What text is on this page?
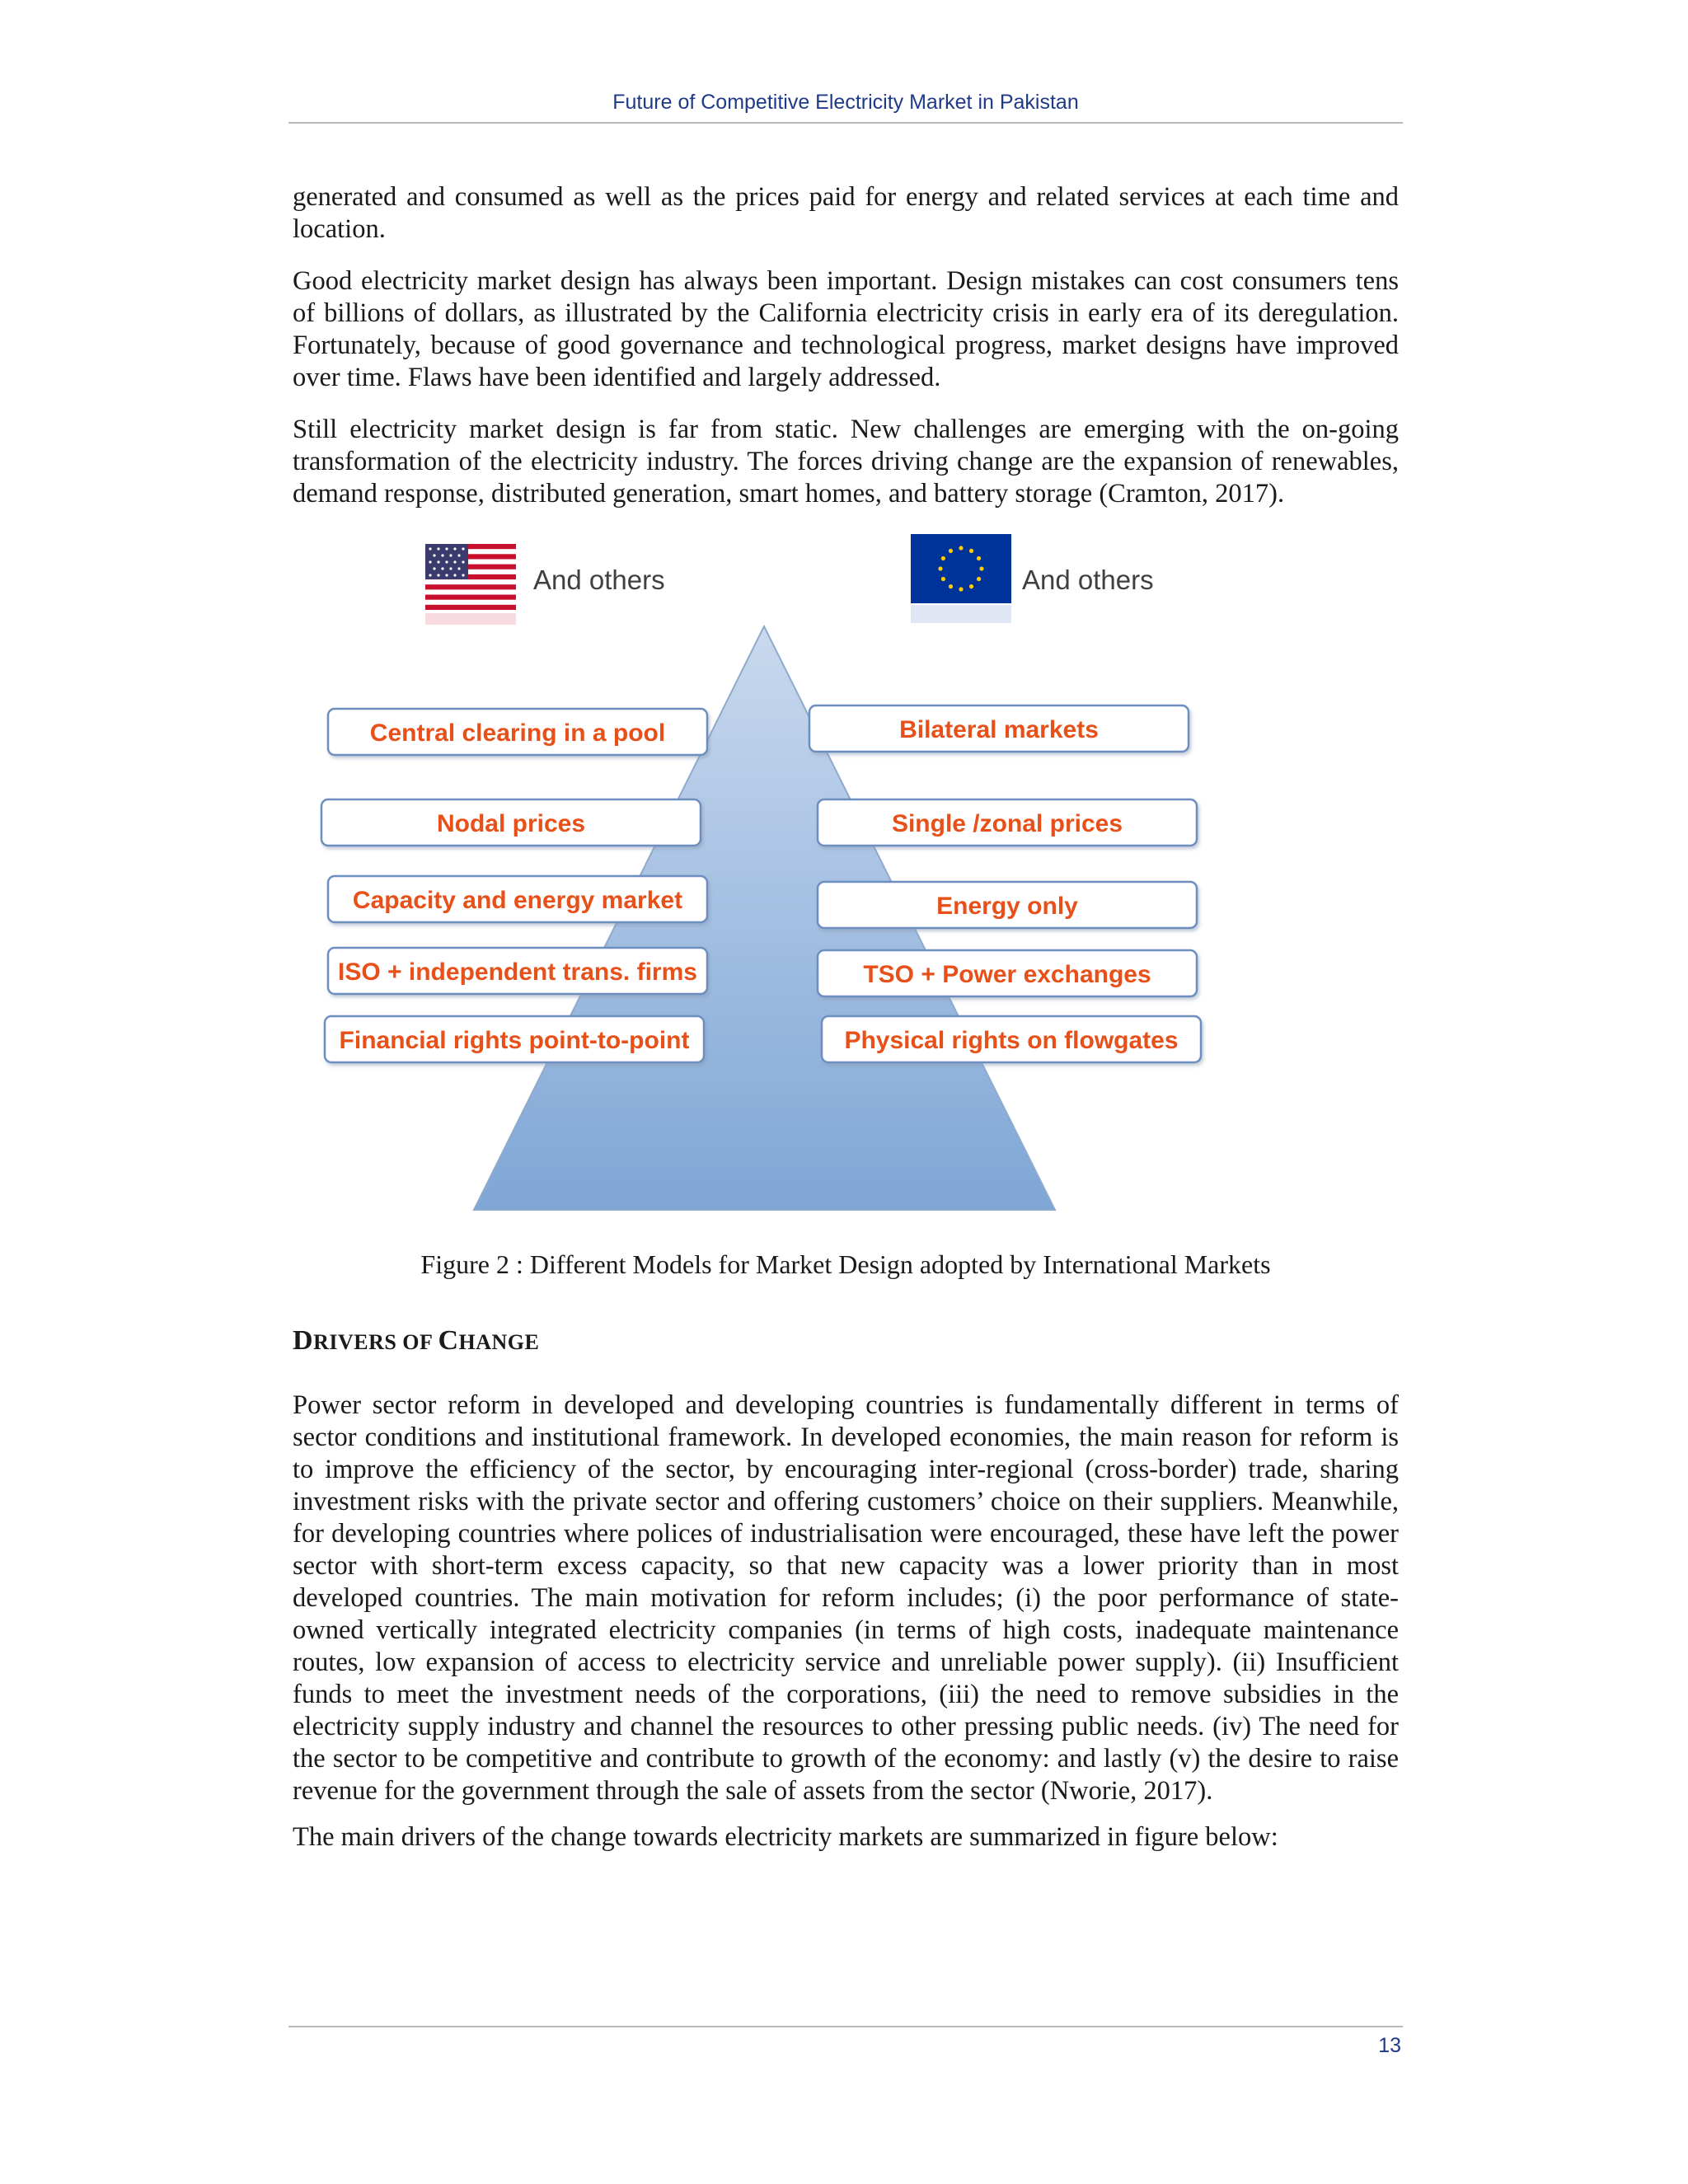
Future of Competitive Electricity Market in Pakistan

generated and consumed as well as the prices paid for energy and related services at each time and location.

Good electricity market design has always been important. Design mistakes can cost consumers tens of billions of dollars, as illustrated by the California electricity crisis in early era of its deregulation. Fortunately, because of good governance and technological progress, market designs have improved over time. Flaws have been identified and largely addressed.

Still electricity market design is far from static. New challenges are emerging with the on-going transformation of the electricity industry. The forces driving change are the expansion of renewables, demand response, distributed generation, smart homes, and battery storage (Cramton, 2017).

And others	And others
Central clearing in a pool
Nodal prices
Capacity and energy market
ISO + independent trans. firms
Financial rights point-to-point
Bilateral markets
Single /zonal prices
Energy only
TSO + Power exchanges
Physical rights on flowgates
Figure 2 : Different Models for Market Design adopted by International Markets
DRIVERS OF CHANGE

Power sector reform in developed and developing countries is fundamentally different in terms of sector conditions and institutional framework. In developed economies, the main reason for reform is to improve the efficiency of the sector, by encouraging inter-regional (cross-border) trade, sharing investment risks with the private sector and offering customers’ choice on their suppliers. Meanwhile, for developing countries where polices of industrialisation were encouraged, these have left the power sector with short-term excess capacity, so that new capacity was a lower priority than in most developed countries. The main motivation for reform includes; (i) the poor performance of state-owned vertically integrated electricity companies (in terms of high costs, inadequate maintenance routes, low expansion of access to electricity service and unreliable power supply). (ii) Insufficient funds to meet the investment needs of the corporations, (iii) the need to remove subsidies in the electricity supply industry and channel the resources to other pressing public needs. (iv) The need for the sector to be competitive and contribute to growth of the economy: and lastly (v) the desire to raise revenue for the government through the sale of assets from the sector (Nworie, 2017).

The main drivers of the change towards electricity markets are summarized in figure below:

13
